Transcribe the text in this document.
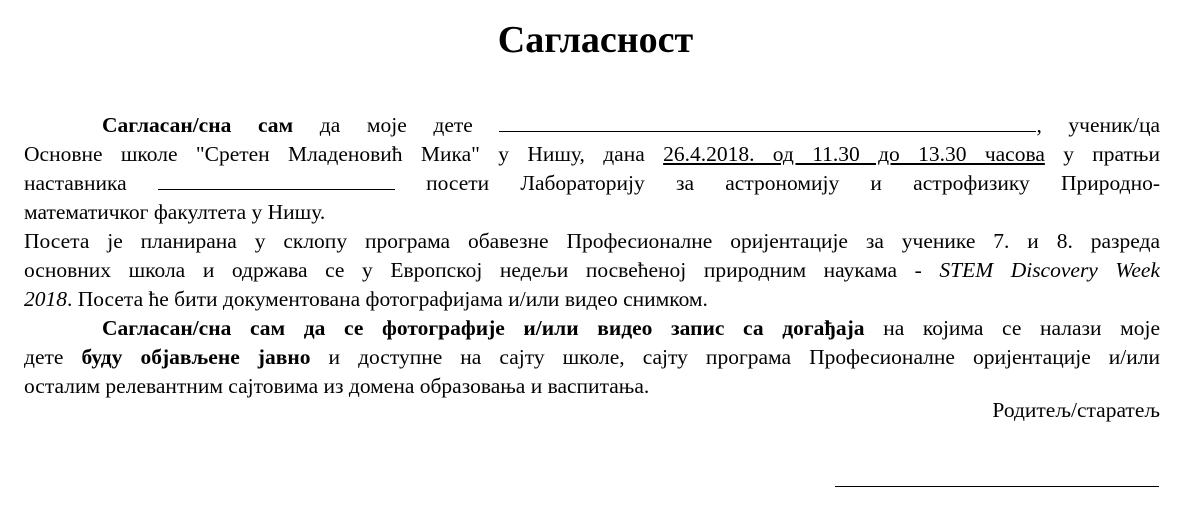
Сагласност
Сагласан/сна сам да моје дете	, ученик/ца
Основне школе "Сретен Младеновић Мика" у Нишу, дана 26.4.2018. од 11.30 до 13.30 часова у пратњи
наставника	посети Лабораторију за астрономију и астрофизику Природно-
математичког факултета у Нишу.
Посета је планирана у склопу програма обавезне Професионалне оријентације за ученике 7. и 8. разреда
основних школа и одржава се у Европској недељи посвећеној природним наукама - STEM Discovery Week
2018. Посета ће бити документована фотографијама и/или видео снимком.
Сагласан/сна сам да се фотографије и/или видео запис са догађаја на којима се налази моје
дете буду објављене јавно и доступне на сајту школе, сајту програма Професионалне оријентације и/или
осталим релевантним сајтовима из домена образовања и васпитања.
Родитељ/старатељ
